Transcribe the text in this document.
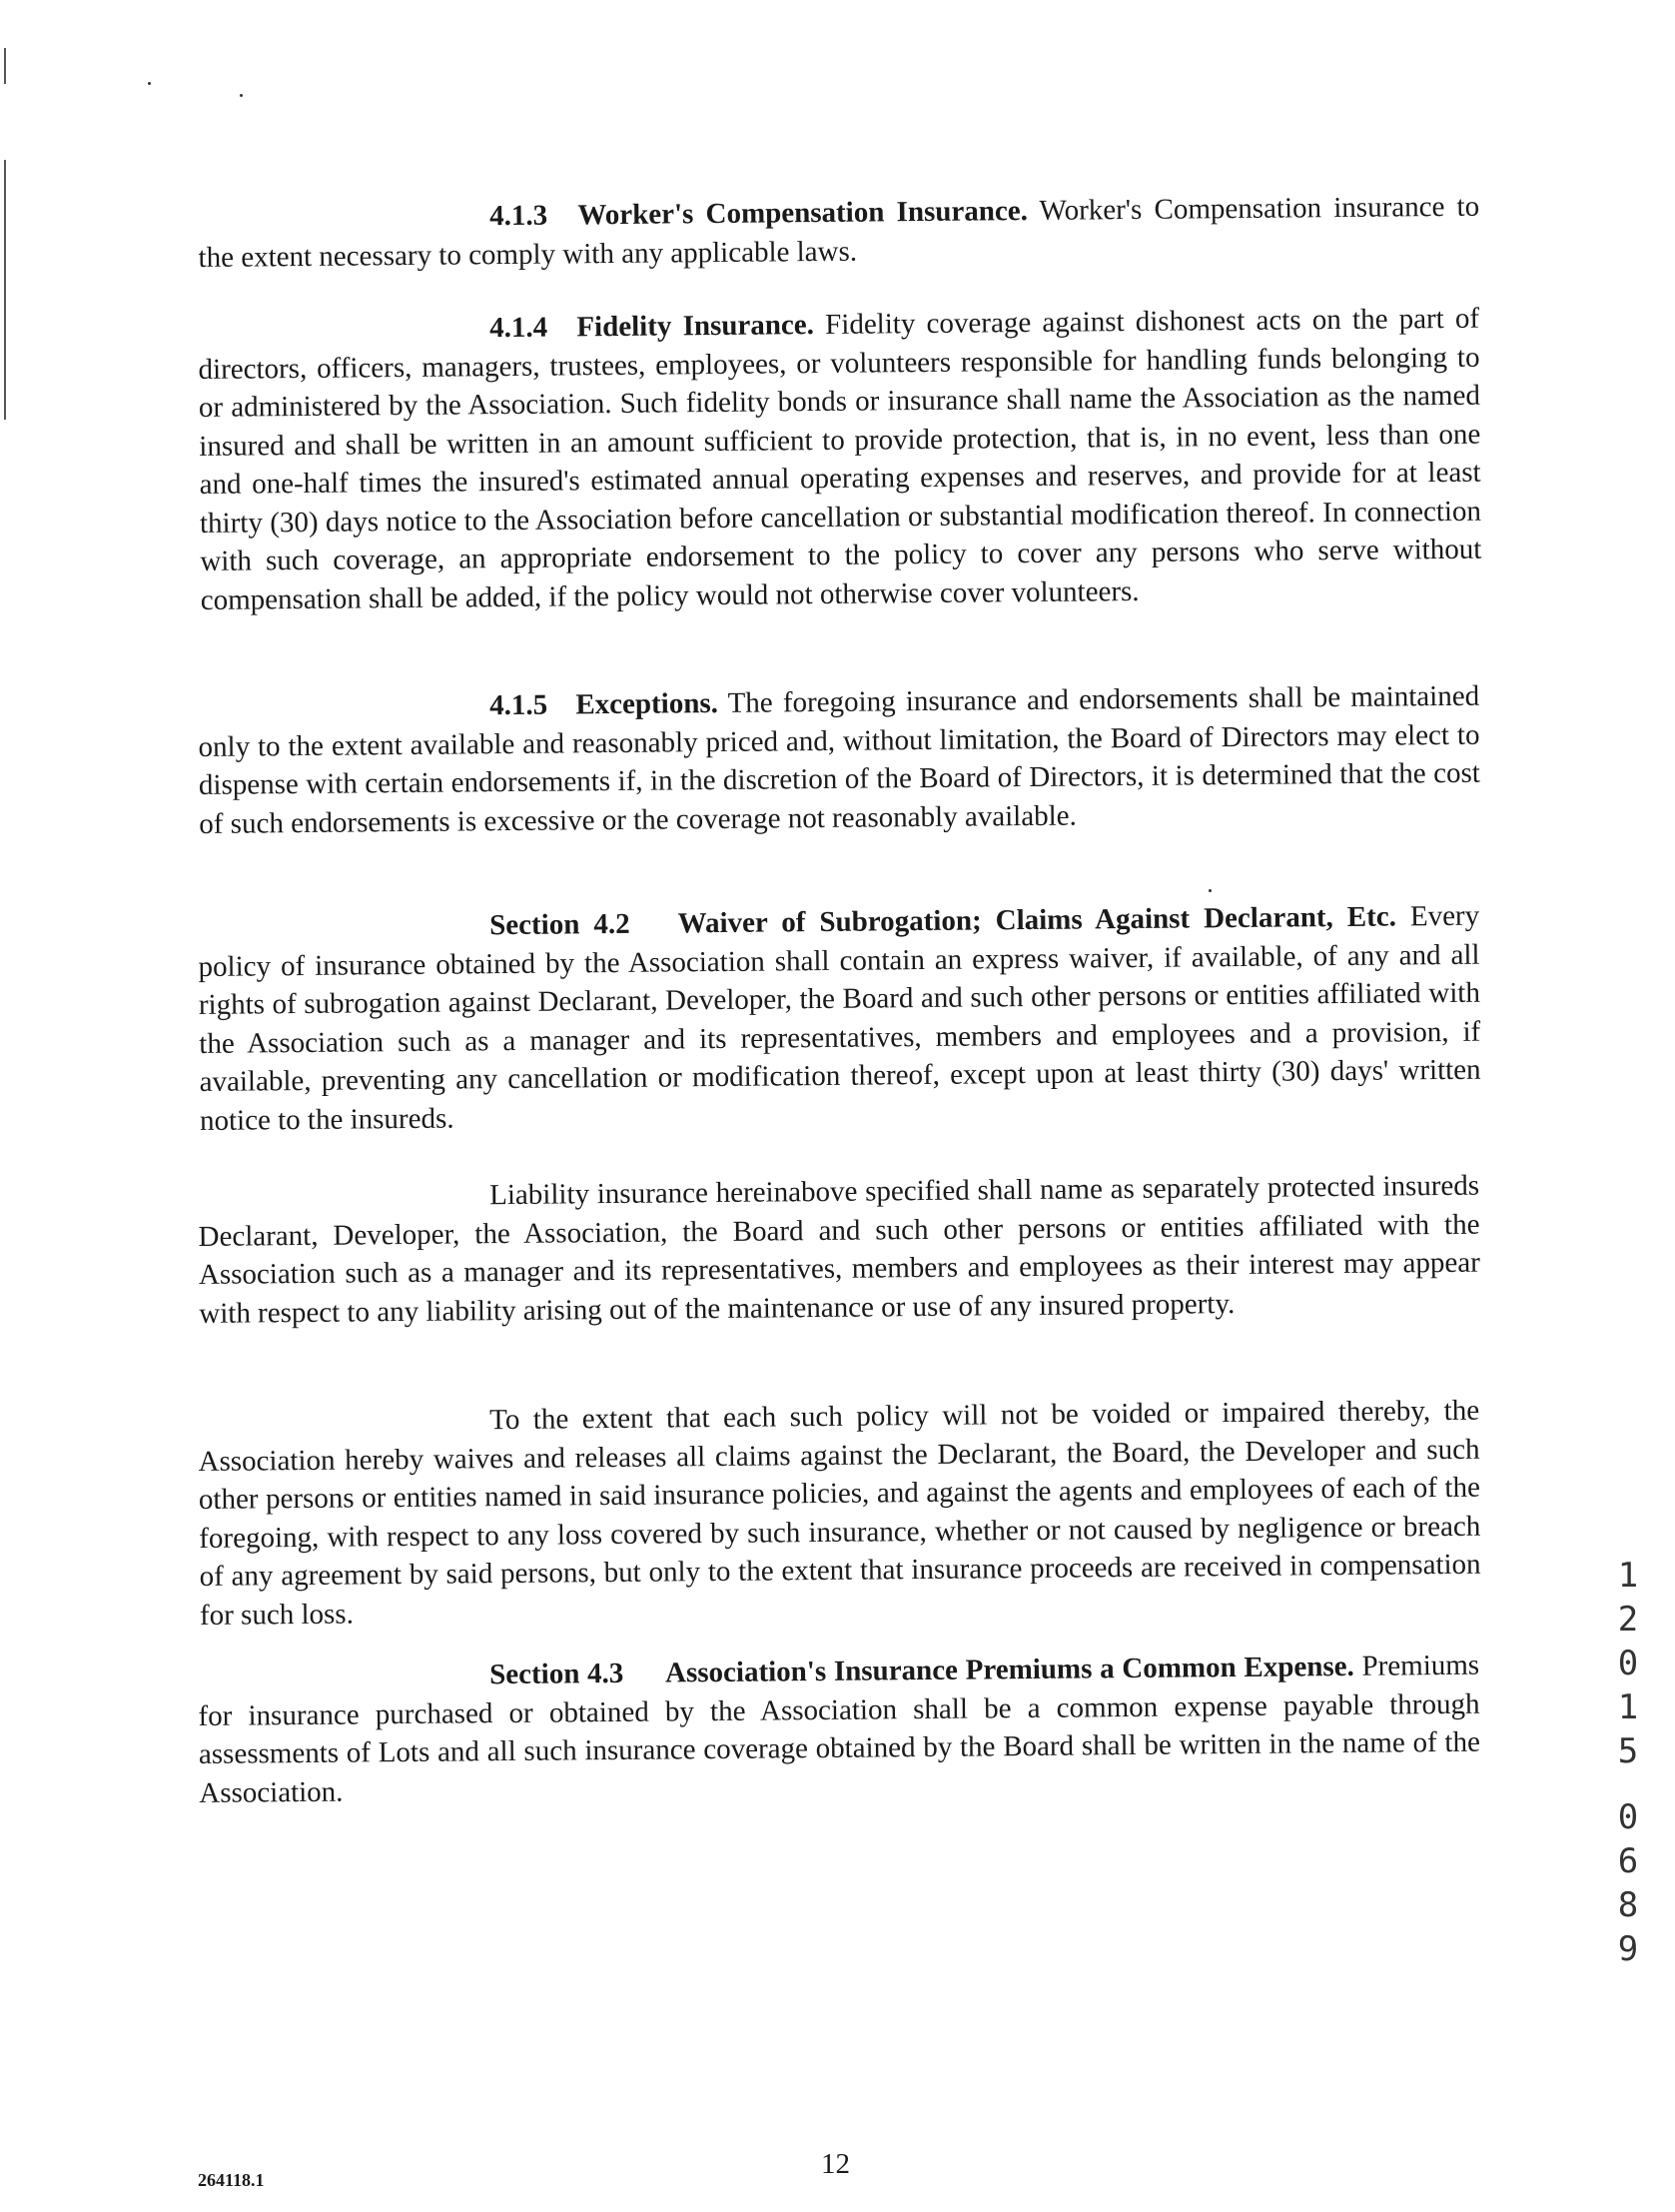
4.1.3 Worker's Compensation Insurance. Worker's Compensation insurance to the extent necessary to comply with any applicable laws.

4.1.4 Fidelity Insurance. Fidelity coverage against dishonest acts on the part of directors, officers, managers, trustees, employees, or volunteers responsible for handling funds belonging to or administered by the Association. Such fidelity bonds or insurance shall name the Association as the named insured and shall be written in an amount sufficient to provide protection, that is, in no event, less than one and one-half times the insured's estimated annual operating expenses and reserves, and provide for at least thirty (30) days notice to the Association before cancellation or substantial modification thereof. In connection with such coverage, an appropriate endorsement to the policy to cover any persons who serve without compensation shall be added, if the policy would not otherwise cover volunteers.

4.1.5 Exceptions. The foregoing insurance and endorsements shall be maintained only to the extent available and reasonably priced and, without limitation, the Board of Directors may elect to dispense with certain endorsements if, in the discretion of the Board of Directors, it is determined that the cost of such endorsements is excessive or the coverage not reasonably available.

Section 4.2 Waiver of Subrogation; Claims Against Declarant, Etc. Every policy of insurance obtained by the Association shall contain an express waiver, if available, of any and all rights of subrogation against Declarant, Developer, the Board and such other persons or entities affiliated with the Association such as a manager and its representatives, members and employees and a provision, if available, preventing any cancellation or modification thereof, except upon at least thirty (30) days' written notice to the insureds.

Liability insurance hereinabove specified shall name as separately protected insureds Declarant, Developer, the Association, the Board and such other persons or entities affiliated with the Association such as a manager and its representatives, members and employees as their interest may appear with respect to any liability arising out of the maintenance or use of any insured property.

To the extent that each such policy will not be voided or impaired thereby, the Association hereby waives and releases all claims against the Declarant, the Board, the Developer and such other persons or entities named in said insurance policies, and against the agents and employees of each of the foregoing, with respect to any loss covered by such insurance, whether or not caused by negligence or breach of any agreement by said persons, but only to the extent that insurance proceeds are received in compensation for such loss.

Section 4.3 Association's Insurance Premiums a Common Expense. Premiums for insurance purchased or obtained by the Association shall be a common expense payable through assessments of Lots and all such insurance coverage obtained by the Board shall be written in the name of the Association.

1
2
0
1
5
0
6
8
9
264118.1	12
